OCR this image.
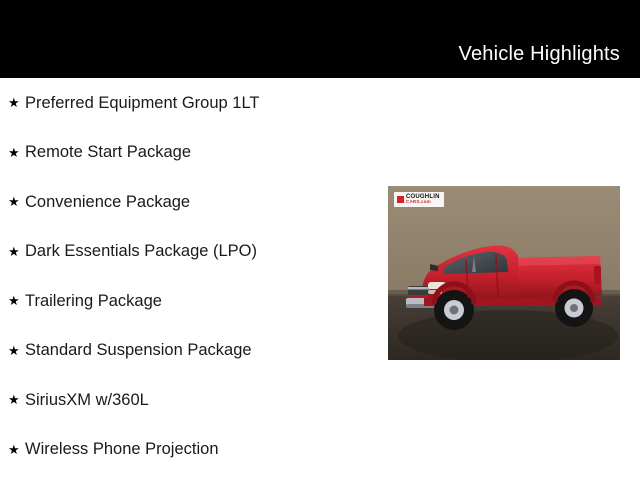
Vehicle Highlights
★ Preferred Equipment Group 1LT
★ Remote Start Package
★ Convenience Package
★ Dark Essentials Package (LPO)
★ Trailering Package
★ Standard Suspension Package
★ SiriusXM w/360L
★ Wireless Phone Projection
COUGHLIN
CARS.com
